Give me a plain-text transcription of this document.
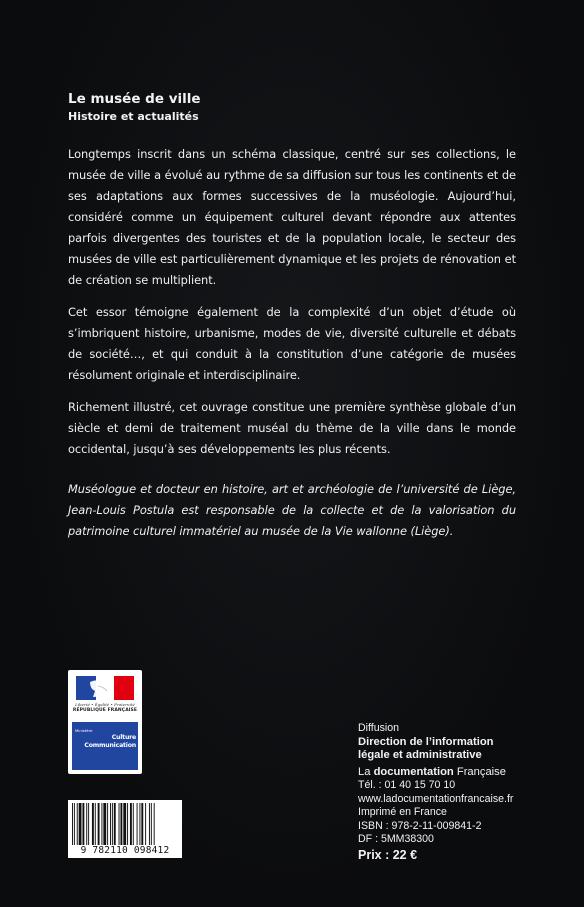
Le musée de ville
Histoire et actualités

Longtemps inscrit dans un schéma classique, centré sur ses collections, le musée de ville a évolué au rythme de sa diffusion sur tous les continents et de ses adaptations aux formes successives de la muséologie. Aujourd’hui, considéré comme un équipement culturel devant répondre aux attentes parfois divergentes des touristes et de la population locale, le secteur des musées de ville est particulièrement dynamique et les projets de rénovation et de création se multiplient.

Cet essor témoigne également de la complexité d’un objet d’étude où s’imbriquent histoire, urbanisme, modes de vie, diversité culturelle et débats de société…, et qui conduit à la constitution d’une catégorie de musées résolument originale et interdisciplinaire.

Richement illustré, cet ouvrage constitue une première synthèse globale d’un siècle et demi de traitement muséal du thème de la ville dans le monde occidental, jusqu’à ses développements les plus récents.

Muséologue et docteur en histoire, art et archéologie de l’université de Liège, Jean-Louis Postula est responsable de la collecte et de la valorisation du patrimoine culturel immatériel au musée de la Vie wallonne (Liège).

Liberté • Égalité • Fraternité
RÉPUBLIQUE FRANÇAISE
Ministère
Culture
Communication
9 782110 098412
Diffusion
Direction de l’information
légale et administrative
La documentation Française
Tél. : 01 40 15 70 10
www.ladocumentationfrancaise.fr
Imprimé en France
ISBN : 978-2-11-009841-2
DF : 5MM38300
Prix : 22 €
